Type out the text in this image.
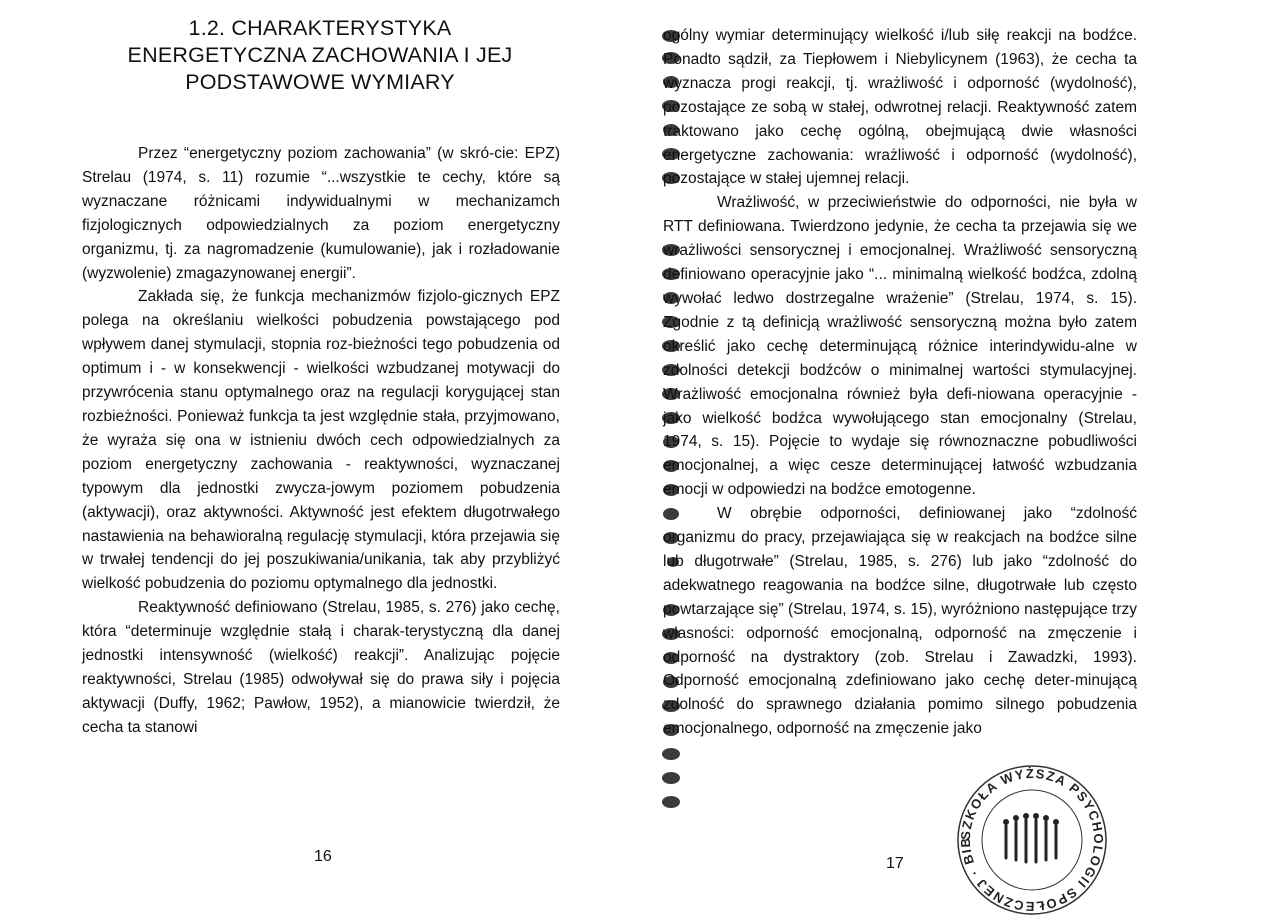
1.2. CHARAKTERYSTYKA
ENERGETYCZNA ZACHOWANIA I JEJ
PODSTAWOWE WYMIARY

Przez “energetyczny poziom zachowania” (w skró-cie: EPZ) Strelau (1974, s. 11) rozumie “...wszystkie te cechy, które są wyznaczane różnicami indywidualnymi w mechanizamch fizjologicznych odpowiedzialnych za poziom energetyczny organizmu, tj. za nagromadzenie (kumulowanie), jak i rozładowanie (wyzwolenie) zmagazynowanej energii”.

Zakłada się, że funkcja mechanizmów fizjolo-gicznych EPZ polega na określaniu wielkości pobudzenia powstającego pod wpływem danej stymulacji, stopnia roz-bieżności tego pobudzenia od optimum i - w konsekwencji - wielkości wzbudzanej motywacji do przywrócenia stanu optymalnego oraz na regulacji korygującej stan rozbieżności. Ponieważ funkcja ta jest względnie stała, przyjmowano, że wyraża się ona w istnieniu dwóch cech odpowiedzialnych za poziom energetyczny zachowania - reaktywności, wyznaczanej typowym dla jednostki zwycza-jowym poziomem pobudzenia (aktywacji), oraz aktywności. Aktywność jest efektem długotrwałego nastawienia na behawioralną regulację stymulacji, która przejawia się w trwałej tendencji do jej poszukiwania/unikania, tak aby przybliżyć wielkość pobudzenia do poziomu optymalnego dla jednostki.

Reaktywność definiowano (Strelau, 1985, s. 276) jako cechę, która “determinuje względnie stałą i charak-terystyczną dla danej jednostki intensywność (wielkość) reakcji”. Analizując pojęcie reaktywności, Strelau (1985) odwoływał się do prawa siły i pojęcia aktywacji (Duffy, 1962; Pawłow, 1952), a mianowicie twierdził, że cecha ta stanowi

16

ogólny wymiar determinujący wielkość i/lub siłę reakcji na bodźce. Ponadto sądził, za Tiepłowem i Niebylicynem (1963), że cecha ta wyznacza progi reakcji, tj. wrażliwość i odporność (wydolność), pozostające ze sobą w stałej, odwrotnej relacji. Reaktywność zatem traktowano jako cechę ogólną, obejmującą dwie własności energetyczne zachowania: wrażliwość i odporność (wydolność), pozostające w stałej ujemnej relacji.

Wrażliwość, w przeciwieństwie do odporności, nie była w RTT definiowana. Twierdzono jedynie, że cecha ta przejawia się we wrażliwości sensorycznej i emocjonalnej. Wrażliwość sensoryczną definiowano operacyjnie jako “... minimalną wielkość bodźca, zdolną wywołać ledwo dostrzegalne wrażenie” (Strelau, 1974, s. 15). Zgodnie z tą definicją wrażliwość sensoryczną można było zatem określić jako cechę determinującą różnice interindywidu-alne w zdolności detekcji bodźców o minimalnej wartości stymulacyjnej. Wrażliwość emocjonalna również była defi-niowana operacyjnie - jako wielkość bodźca wywołującego stan emocjonalny (Strelau, 1974, s. 15). Pojęcie to wydaje się równoznaczne pobudliwości emocjonalnej, a więc cesze determinującej łatwość wzbudzania emocji w odpowiedzi na bodźce emotogenne.

W obrębie odporności, definiowanej jako “zdolność organizmu do pracy, przejawiająca się w reakcjach na bodźce silne lub długotrwałe” (Strelau, 1985, s. 276) lub jako “zdolność do adekwatnego reagowania na bodźce silne, długotrwałe lub często powtarzające się” (Strelau, 1974, s. 15), wyróżniono następujące trzy własności: odporność emocjonalną, odporność na zmęczenie i odporność na dystraktory (zob. Strelau i Zawadzki, 1993). Odporność emocjonalną zdefiniowano jako cechę deter-minującą zdolność do sprawnego działania pomimo silnego pobudzenia emocjonalnego, odporność na zmęczenie jako

17
SZKOŁA WYŻSZA PSYCHOLOGII SPOŁECZNEJ · BIB
